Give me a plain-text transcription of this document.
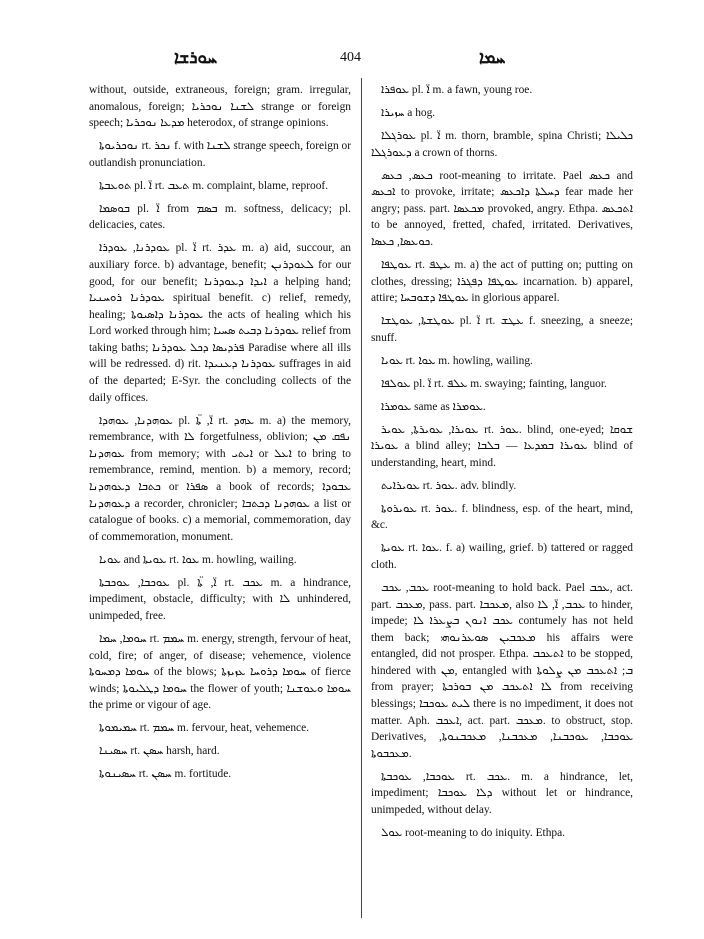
ܚܘܪܫܐ	404	ܚܡܐ

without, outside, extraneous, foreign; gram. irregular, anomalous, foreign; ܠܫܢܐ ܢܘܟܪܝܐ strange or foreign speech; ܡܕܥܐ ܢܘܟܪܝܐ heterodox, of strange opinions.

ܢܘܟܪܝܘܬܐ rt. ܢܟܪ f. with ܠܫܢܐ strange speech, foreign or outlandish pronunciation.

ܬܘܥܒܬܐ pl. ܐ̈ rt. ܬܥܒ m. complaint, blame, reproof.

ܒܘܣܡܐ pl. ܐ̈ from ܒܣܡ m. softness, delicacy; pl. delicacies, cates.

ܥܘܕܪܢܐ, ܥܘܕܪܐ pl. ܐ̈ rt. ܥܕܪ m. a) aid, succour, an auxiliary force. b) advantage, benefit; ܠܥܘܕܪܢܢ for our good, for our benefit; ܐܝܕܐ ܕܥܘܕܪܢܐ a helping hand; ܥܘܕܪܢܐ ܪܘܚܢܝܐ spiritual benefit. c) relief, remedy, healing; ܥܘܕܪܢܐ ܕܐܣܝܘܬܐ the acts of healing which his Lord worked through him; ܥܘܕܪܢܐ ܕܒܝܬ ܣܚܝܐ relief from taking baths; ܦܪܕܝܣܐ ܕܟܠ ܥܘܕܪܢܐ Paradise where all ills will be redressed. d) rit. ܥܘܕܪܢܐ ܕܥܢܝܕܐ suffrages in aid of the departed; E-Syr. the concluding collects of the daily offices.

ܥܘܗܕܢܐ, ܥܘܗܕܐ pl. ܐ̈, ܬܐ̈ rt. ܥܗܕ m. a) the memory, remembrance, with ܠܐ forgetfulness, oblivion; ܢܦܩ ܡܢ ܥܘܗܕܢܐ from memory; with ܐܝܬܝ or ܐܥܠ to bring to remembrance, remind, mention. b) a memory, record; ܟܬܒܐ ܕܥܘܗܕܢܐ or ܣܦܪܐ a book of records; ܥܒܘܕܐ ܕܥܘܗܕܢܐ a recorder, chronicler; ܥܘܗܕܢܐ ܕܟܬܒܐ a list or catalogue of books. c) a memorial, commemoration, day of commemoration, monument.

ܥܘܝܐ and ܥܘܝܬܐ rt. ܥܘܐ m. howling, wailing.

ܥܘܟܒܐ, ܥܘܟܒܬܐ pl. ܐ̈, ܬܐ̈ rt. ܥܟܒ m. a hindrance, impediment, obstacle, difficulty; with ܠܐ unhindered, unimpeded, free.

ܚܘܡܐ, ܚܡܐ rt. ܚܡܡ m. energy, strength, fervour of heat, cold, fire; of anger, of disease; vehemence, violence ܚܘܡܐ ܕܡܚܘܬܐ of the blows; ܚܘܡܐ ܕܪܘܚܐ ܥܙܝܙܬܐ of fierce winds; ܚܘܡܐ ܕܛܠܝܘܬܐ the flower of youth; ܚܘܡܐ ܘܥܘܫܢܐ the prime or vigour of age.

ܚܡܝܡܘܬܐ rt. ܚܡܡ m. fervour, heat, vehemence.

ܚܣܝܢܐ rt. ܚܣܢ harsh, hard.

ܚܣܝܢܘܬܐ rt. ܚܣܢ m. fortitude.

ܥܘܦܪܐ pl. ܐ̈ m. a fawn, young roe.

ܚܙܝܪܐ a hog.

ܥܘܪܓܠܐ pl. ܐ̈ m. thorn, bramble, spina Christi; ܟܠܝܠܐ ܕܥܘܪܓܠܐ a crown of thorns.

ܟܥܣ, ܟܥܣ root-meaning to irritate. Pael ܟܥܣ and ܐܟܥܣ to provoke, irritate; ܕܚܠܬܐ ܕܐܟܥܣ fear made her angry; pass. part. ܡܟܥܣܐ provoked, angry. Ethpa. ܐܬܟܥܣ to be annoyed, fretted, chafed, irritated. Derivatives, ܟܘܥܣܐ, ܟܥܣܐ.

ܥܘܛܦܐ rt. ܥܛܦ m. a) the act of putting on; putting on clothes, dressing; ܥܘܛܦܐ ܕܦܓܪܐ incarnation. b) apparel, attire; ܥܘܛܦܐ ܕܫܘܒܚܐ in glorious apparel.

ܥܘܛܫܬܐ, ܥܘܛܫܐ pl. ܐ̈ rt. ܥܛܫ f. sneezing, a sneeze; snuff.

ܥܘܝܐ rt. ܥܘܐ m. howling, wailing.

ܥܘܠܦܐ pl. ܐ̈ rt. ܥܠܦ m. swaying; fainting, languor.

ܥܘܡܪܐ same as ܥܘܡܪܐ.

ܥܘܝܪܐ, ܥܘܝܪܬܐ, ܥܘܝܪ rt. ܥܘܪ. blind, one-eyed; ܫܘܩܐ ܥܘܝܪܐ a blind alley; ܥܘܝܪܐ ܒܡܕܥܐ — ܒܠܒܐ blind of understanding, heart, mind.

ܥܘܝܪܐܝܬ rt. ܥܘܪ. adv. blindly.

ܥܘܝܪܘܬܐ rt. ܥܘܪ. f. blindness, esp. of the heart, mind, &c.

ܥܘܝܬܐ rt. ܥܘܐ. f. a) wailing, grief. b) tattered or ragged cloth.

ܥܟܒ, ܥܟܒ root-meaning to hold back. Pael ܥܟܒ, act. part. ܡܥܟܒ, pass. part. ܡܥܟܒܐ, also ܥܟܒ, ܐ̈, ܠܐ to hinder, impede; ܥܟܒ ܐܢܘܢ ܒܨܥܪܐ ܠܐ contumely has not held them back; ܡܥܟܒܝܢ ܣܘܥܪܢܘܗܝ his affairs were entangled, did not prosper. Ethpa. ܐܬܥܟܒ to be stopped, hindered with ܡܢ, entangled with ܒ; ܐܬܥܟܒ ܡܢ ܨܠܘܬܐ from prayer; ܠܐ ܐܬܥܟܒ ܡܢ ܒܘܪܟܬܐ from receiving blessings; ܠܝܬ ܥܘܟܒܐ there is no impediment, it does not matter. Aph. ܐܥܟܒ, act. part. ܡܥܟܒ. to obstruct, stop. Derivatives, ܥܘܟܒܐ, ܥܘܟܒܢܐ, ܡܥܟܒܢܐ, ܡܥܟܒܢܘܬܐ, ܡܥܟܒܘܬܐ.

ܥܘܟܒܐ, ܥܘܟܒܬܐ rt. ܥܟܒ. m. a hindrance, let, impediment; ܕܠܐ ܥܘܟܒܐ without let or hindrance, unimpeded, without delay.

ܥܘܠ root-meaning to do iniquity. Ethpa.
